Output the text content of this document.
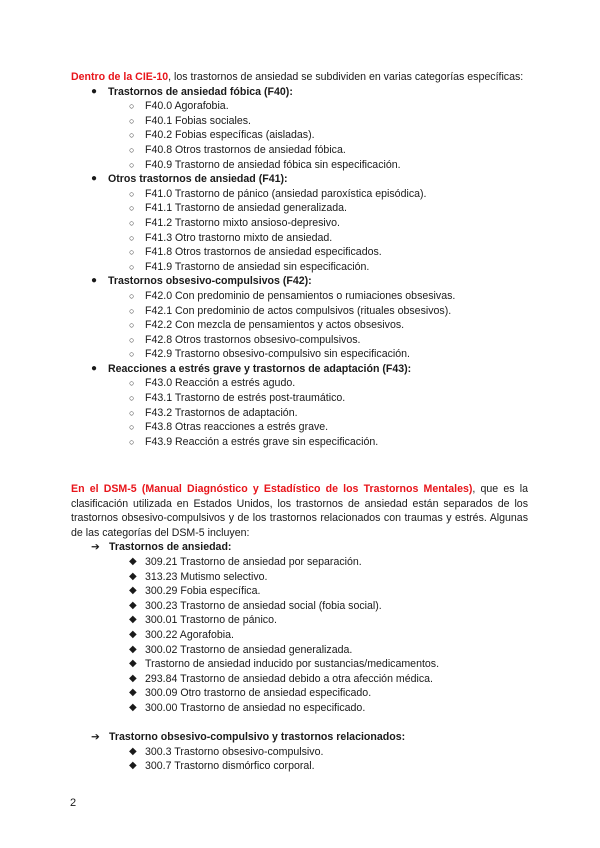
Dentro de la CIE-10, los trastornos de ansiedad se subdividen en varias categorías específicas:
● Trastornos de ansiedad fóbica (F40):
○ F40.0 Agorafobia.
○ F40.1 Fobias sociales.
○ F40.2 Fobias específicas (aisladas).
○ F40.8 Otros trastornos de ansiedad fóbica.
○ F40.9 Trastorno de ansiedad fóbica sin especificación.
● Otros trastornos de ansiedad (F41):
○ F41.0 Trastorno de pánico (ansiedad paroxística episódica).
○ F41.1 Trastorno de ansiedad generalizada.
○ F41.2 Trastorno mixto ansioso-depresivo.
○ F41.3 Otro trastorno mixto de ansiedad.
○ F41.8 Otros trastornos de ansiedad especificados.
○ F41.9 Trastorno de ansiedad sin especificación.
● Trastornos obsesivo-compulsivos (F42):
○ F42.0 Con predominio de pensamientos o rumiaciones obsesivas.
○ F42.1 Con predominio de actos compulsivos (rituales obsesivos).
○ F42.2 Con mezcla de pensamientos y actos obsesivos.
○ F42.8 Otros trastornos obsesivo-compulsivos.
○ F42.9 Trastorno obsesivo-compulsivo sin especificación.
● Reacciones a estrés grave y trastornos de adaptación (F43):
○ F43.0 Reacción a estrés agudo.
○ F43.1 Trastorno de estrés post-traumático.
○ F43.2 Trastornos de adaptación.
○ F43.8 Otras reacciones a estrés grave.
○ F43.9 Reacción a estrés grave sin especificación.
En el DSM-5 (Manual Diagnóstico y Estadístico de los Trastornos Mentales), que es la clasificación utilizada en Estados Unidos, los trastornos de ansiedad están separados de los trastornos obsesivo-compulsivos y de los trastornos relacionados con traumas y estrés. Algunas de las categorías del DSM-5 incluyen:
➔ Trastornos de ansiedad:
◆ 309.21 Trastorno de ansiedad por separación.
◆ 313.23 Mutismo selectivo.
◆ 300.29 Fobia específica.
◆ 300.23 Trastorno de ansiedad social (fobia social).
◆ 300.01 Trastorno de pánico.
◆ 300.22 Agorafobia.
◆ 300.02 Trastorno de ansiedad generalizada.
◆ Trastorno de ansiedad inducido por sustancias/medicamentos.
◆ 293.84 Trastorno de ansiedad debido a otra afección médica.
◆ 300.09 Otro trastorno de ansiedad especificado.
◆ 300.00 Trastorno de ansiedad no especificado.
➔ Trastorno obsesivo-compulsivo y trastornos relacionados:
◆ 300.3 Trastorno obsesivo-compulsivo.
◆ 300.7 Trastorno dismórfico corporal.
2
